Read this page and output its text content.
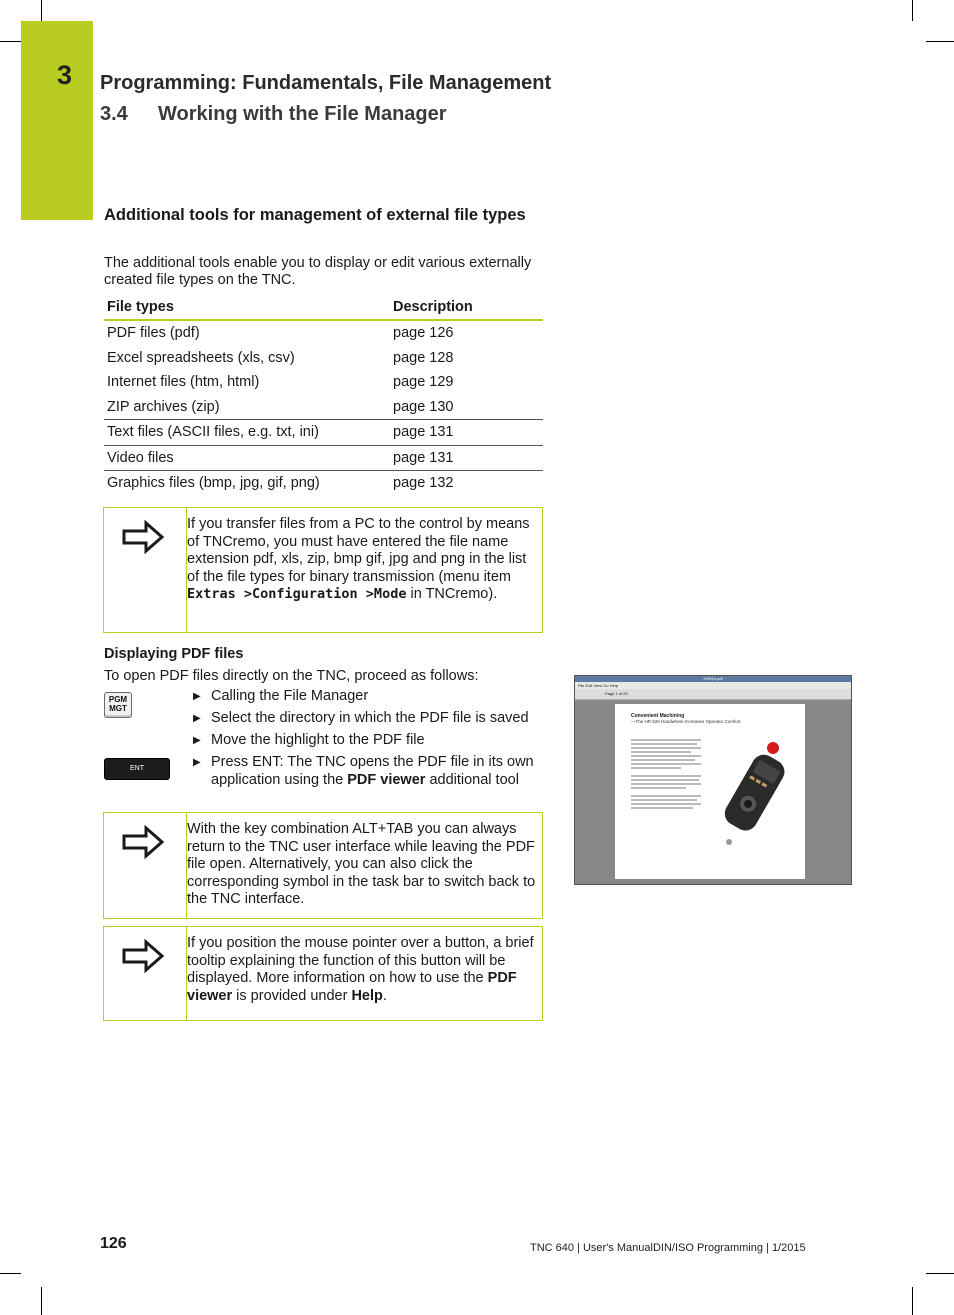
3 Programming: Fundamentals, File Management
3.4 Working with the File Manager
Additional tools for management of external file types

The additional tools enable you to display or edit various externally created file types on the TNC.

File types	Description
PDF files (pdf)	page 126
Excel spreadsheets (xls, csv)	page 128
Internet files (htm, html)	page 129
ZIP archives (zip)	page 130
Text files (ASCII files, e.g. txt, ini)	page 131
Video files	page 131
Graphics files (bmp, jpg, gif, png)	page 132

If you transfer files from a PC to the control by means of TNCremo, you must have entered the file name extension pdf, xls, zip, bmp gif, jpg and png in the list of the file types for binary transmission (menu item Extras >Configuration >Mode in TNCremo).

Displaying PDF files

To open PDF files directly on the TNC, proceed as follows:

PGM
MGT
ENT
▶ Calling the File Manager
▶ Select the directory in which the PDF file is saved
▶ Move the highlight to the PDF file
▶ Press ENT: The TNC opens the PDF file in its own application using the PDF viewer additional tool
HR510.pdf
File Edit View Go Help
Page 1 of 20
Convenient Machining
—The HR 520 Handwheel Increases Operator Comfort

With the key combination ALT+TAB you can always return to the TNC user interface while leaving the PDF file open. Alternatively, you can also click the corresponding symbol in the task bar to switch back to the TNC interface.

If you position the mouse pointer over a button, a brief tooltip explaining the function of this button will be displayed. More information on how to use the PDF viewer is provided under Help.

126	TNC 640 | User's ManualDIN/ISO Programming | 1/2015
